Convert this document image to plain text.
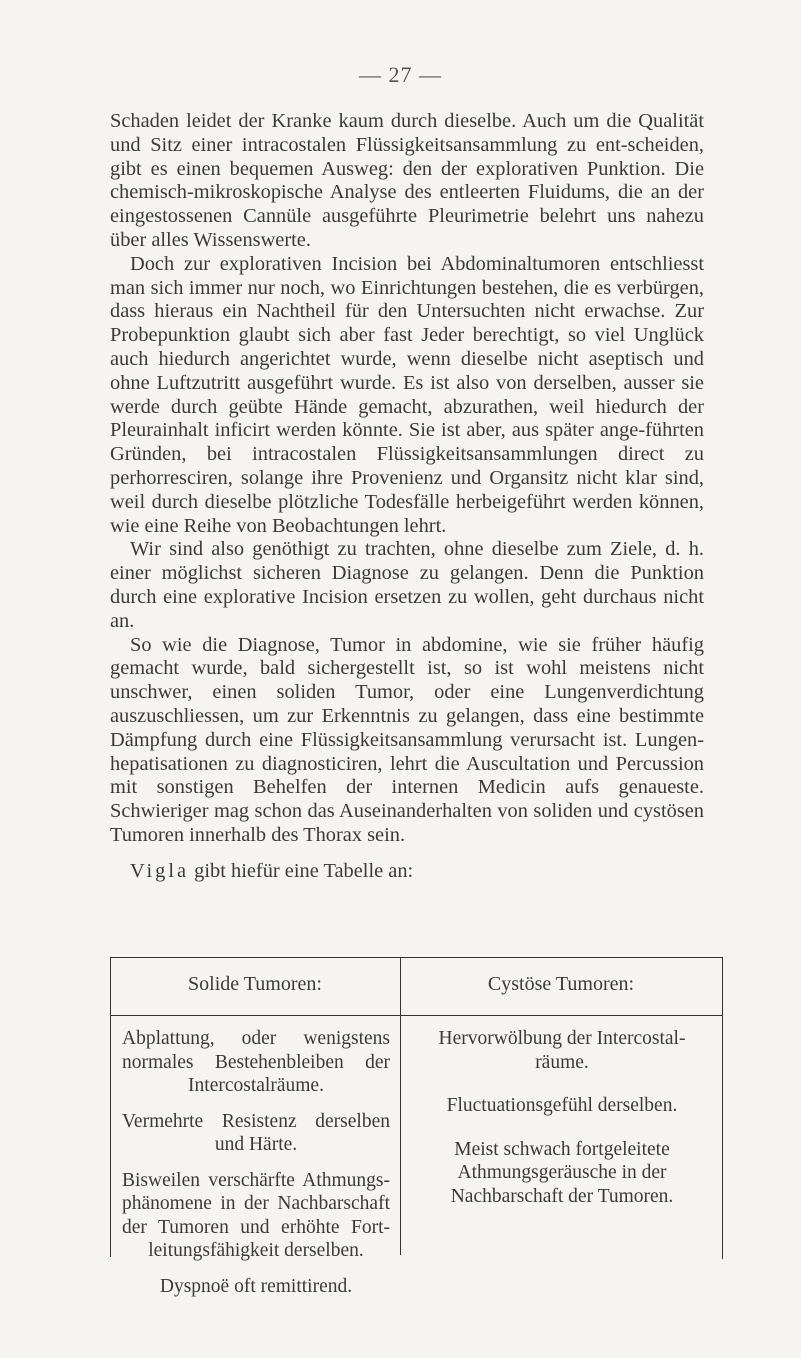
— 27 —

Schaden leidet der Kranke kaum durch dieselbe. Auch um die Qualität und Sitz einer intracostalen Flüssigkeitsansammlung zu ent-scheiden, gibt es einen bequemen Ausweg: den der explorativen Punktion. Die chemisch-mikroskopische Analyse des entleerten Fluidums, die an der eingestossenen Cannüle ausgeführte Pleurimetrie belehrt uns nahezu über alles Wissenswerte.

Doch zur explorativen Incision bei Abdominaltumoren entschliesst man sich immer nur noch, wo Einrichtungen bestehen, die es verbürgen, dass hieraus ein Nachtheil für den Untersuchten nicht erwachse. Zur Probepunktion glaubt sich aber fast Jeder berechtigt, so viel Unglück auch hiedurch angerichtet wurde, wenn dieselbe nicht aseptisch und ohne Luftzutritt ausgeführt wurde. Es ist also von derselben, ausser sie werde durch geübte Hände gemacht, abzurathen, weil hiedurch der Pleurainhalt inficirt werden könnte. Sie ist aber, aus später ange-führten Gründen, bei intracostalen Flüssigkeitsansammlungen direct zu perhorresciren, solange ihre Provenienz und Organsitz nicht klar sind, weil durch dieselbe plötzliche Todesfälle herbeigeführt werden können, wie eine Reihe von Beobachtungen lehrt.

Wir sind also genöthigt zu trachten, ohne dieselbe zum Ziele, d. h. einer möglichst sicheren Diagnose zu gelangen. Denn die Punktion durch eine explorative Incision ersetzen zu wollen, geht durchaus nicht an.

So wie die Diagnose, Tumor in abdomine, wie sie früher häufig gemacht wurde, bald sichergestellt ist, so ist wohl meistens nicht unschwer, einen soliden Tumor, oder eine Lungenverdichtung auszuschliessen, um zur Erkenntnis zu gelangen, dass eine bestimmte Dämpfung durch eine Flüssigkeitsansammlung verursacht ist. Lungen-hepatisationen zu diagnosticiren, lehrt die Auscultation und Percussion mit sonstigen Behelfen der internen Medicin aufs genaueste. Schwieriger mag schon das Auseinanderhalten von soliden und cystösen Tumoren innerhalb des Thorax sein.

Vigla gibt hiefür eine Tabelle an:

Solide Tumoren:	Cystöse Tumoren:

Abplattung, oder wenigstens normales Bestehenbleiben der Intercostalräume.

Vermehrte Resistenz derselben und Härte.

Bisweilen verschärfte Athmungs-phänomene in der Nachbarschaft der Tumoren und erhöhte Fort-leitungsfähigkeit derselben.

Dyspnoë oft remittirend.

Hervorwölbung der Intercostal-räume.

Fluctuationsgefühl derselben.

Meist schwach fortgeleitete Athmungsgeräusche in der Nachbarschaft der Tumoren.
